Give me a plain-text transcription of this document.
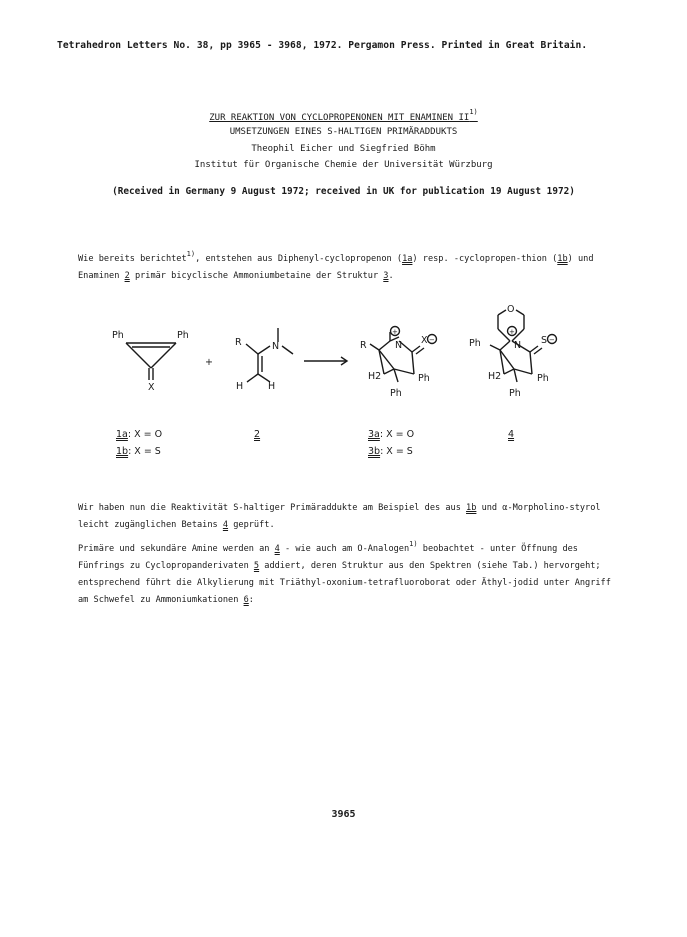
Tetrahedron Letters No. 38, pp 3965 - 3968, 1972. Pergamon Press. Printed in Great Britain.
ZUR REAKTION VON CYCLOPROPENONEN MIT ENAMINEN II$^{1)}$
UMSETZUNGEN EINES S-HALTIGEN PRIMÄRADDUKTS
Theophil Eicher und Siegfried Böhm
Institut für Organische Chemie der Universität Würzburg
(Received in Germany 9 August 1972; received in UK for publication 19 August 1972)
Wie bereits berichtet$^{1)}$, entstehen aus Diphenyl-cyclopropenon (1a) resp. -cyclopropen-thion (1b) und Enaminen 2 primär bicyclische Ammoniumbetaine der Struktur 3.
Ph	Ph
X
R	N
H	H
+
R	N X
H2	Ph
Ph
O
Ph	N S
H2	Ph
Ph
+
−
+
−
1a: X = O
1b: X = S
2	3a: X = O
3b: X = S
4
Wir haben nun die Reaktivität S-haltiger Primäraddukte am Beispiel des aus 1b und α-Morpholino-styrol leicht zugänglichen Betains 4 geprüft.
Primäre und sekundäre Amine werden an 4 - wie auch am O-Analogen$^{1)}$ beobachtet - unter Öffnung des Fünfrings zu Cyclopropanderivaten 5 addiert, deren Struktur aus den Spektren (siehe Tab.) hervorgeht; entsprechend führt die Alkylierung mit Triäthyl-oxonium-tetrafluoroborat oder Äthyl-jodid unter Angriff am Schwefel zu Ammoniumkationen 6:
3965
